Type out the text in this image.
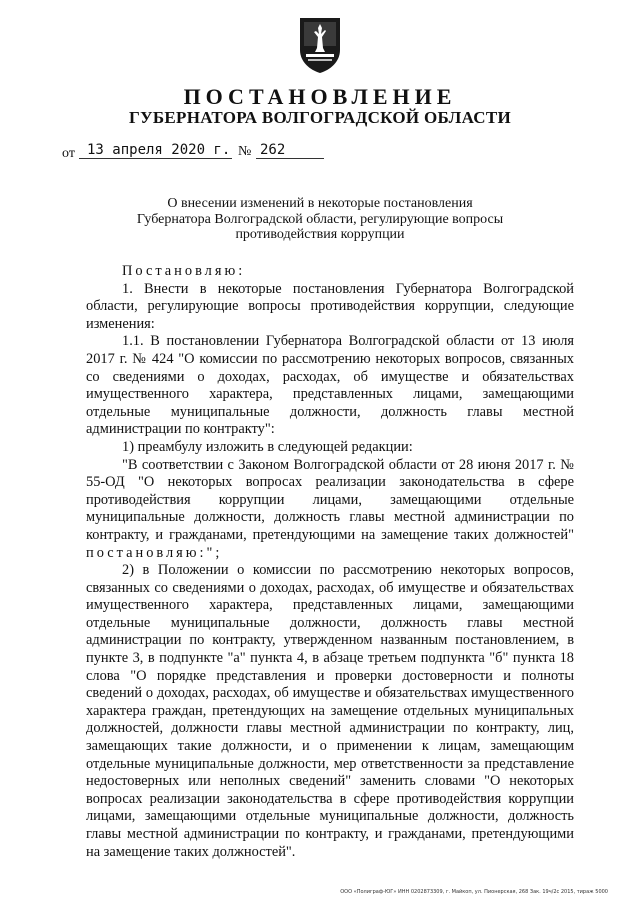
ПОСТАНОВЛЕНИЕ
ГУБЕРНАТОРА ВОЛГОГРАДСКОЙ ОБЛАСТИ
от 13 апреля 2020 г. № 262
О внесении изменений в некоторые постановления
Губернатора Волгоградской области, регулирующие вопросы
противодействия коррупции

Постановляю:

1. Внести в некоторые постановления Губернатора Волгоградской области, регулирующие вопросы противодействия коррупции, следующие изменения:

1.1. В постановлении Губернатора Волгоградской области от 13 июля 2017 г. № 424 "О комиссии по рассмотрению некоторых вопросов, связанных со сведениями о доходах, расходах, об имуществе и обязательствах имущественного характера, представленных лицами, замещающими отдельные муниципальные должности, должность главы местной администрации по контракту":

1) преамбулу изложить в следующей редакции:

"В соответствии с Законом Волгоградской области от 28 июня 2017 г. № 55-ОД "О некоторых вопросах реализации законодательства в сфере противодействия коррупции лицами, замещающими отдельные муниципальные должности, должность главы местной администрации по контракту, и гражданами, претендующими на замещение таких должностей" постановляю:";

2) в Положении о комиссии по рассмотрению некоторых вопросов, связанных со сведениями о доходах, расходах, об имуществе и обязательствах имущественного характера, представленных лицами, замещающими отдельные муниципальные должности, должность главы местной администрации по контракту, утвержденном названным постановлением, в пункте 3, в подпункте "а" пункта 4, в абзаце третьем подпункта "б" пункта 18 слова "О порядке представления и проверки достоверности и полноты сведений о доходах, расходах, об имуществе и обязательствах имущественного характера граждан, претендующих на замещение отдельных муниципальных должностей, должности главы местной администрации по контракту, лиц, замещающих такие должности, и о применении к лицам, замещающим отдельные муниципальные должности, мер ответственности за представление недостоверных или неполных сведений" заменить словами "О некоторых вопросах реализации законодательства в сфере противодействия коррупции лицами, замещающими отдельные муниципальные должности, должность главы местной администрации по контракту, и гражданами, претендующими на замещение таких должностей".

ООО «Полиграф-ЮГ» ИНН 0202873309, г. Майкоп, ул. Пионерская, 268 Зак. 19ч/2с 2015, тираж 5000
